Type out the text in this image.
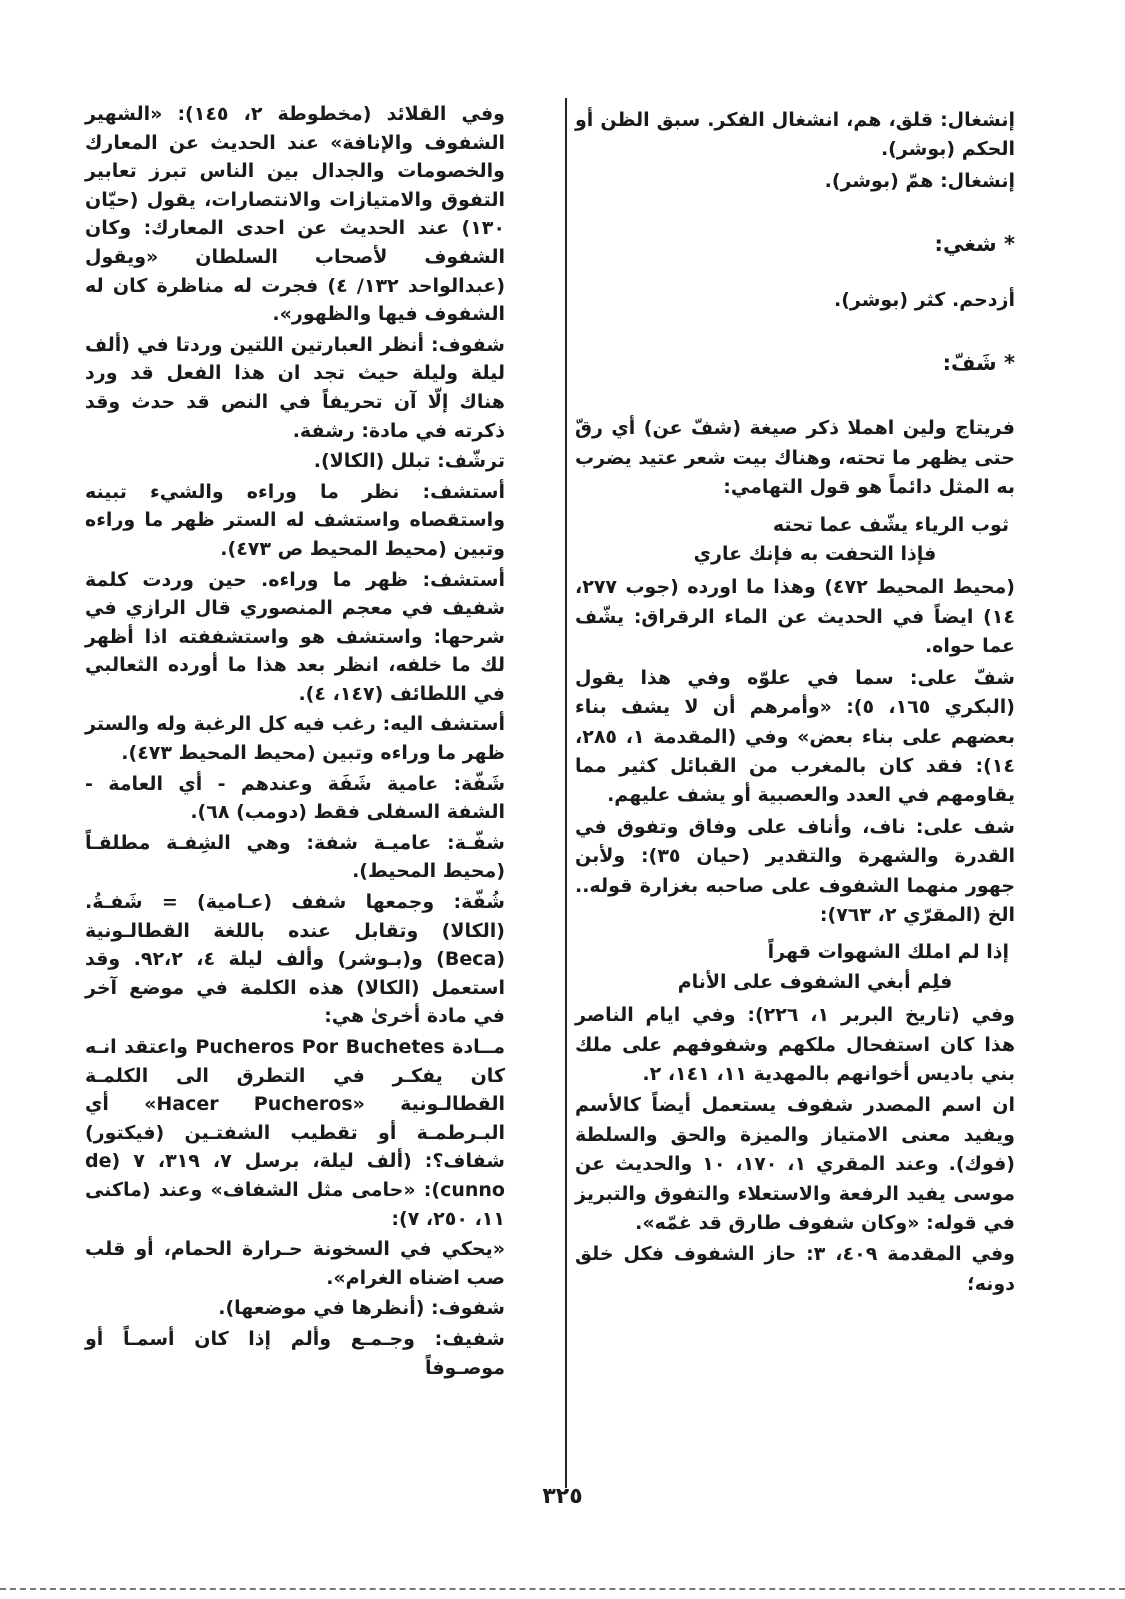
إنشغال: قلق، هم، انشغال الفكر. سبق الظن أو الحكم (بوشر).

إنشغال: همّ (بوشر).

* شغي:

أزدحم. كثر (بوشر).

* شَفّ:

فريتاج ولين اهملا ذكر صيغة (شفّ عن) أي رقّ حتى يظهر ما تحته، وهناك بيت شعر عتيد يضرب به المثل دائماً هو قول التهامي:

ثوب الرياء يشّف عما تحته
فإذا التحفت به فإنك عاري

(محيط المحيط ٤٧٢) وهذا ما اورده (جوب ٢٧٧، ١٤) ايضاً في الحديث عن الماء الرقراق: يشّف عما حواه.

شفّ على: سما في علوّه وفي هذا يقول (البكري ١٦٥، ٥): «وأمرهم أن لا يشف بناء بعضهم على بناء بعض» وفي (المقدمة ١، ٢٨٥، ١٤): فقد كان بالمغرب من القبائل كثير مما يقاومهم في العدد والعصبية أو يشف عليهم.

شف على: ناف، وأناف على وفاق وتفوق في القدرة والشهرة والتقدير (حيان ٣٥): ولأبن جهور منهما الشفوف على صاحبه بغزارة قوله.. الخ (المقرّي ٢، ٧٦٣):

إذا لم املك الشهوات قهراً
فلِم أبغي الشفوف على الأنام

وفي (تاريخ البربر ١، ٢٢٦): وفي ايام الناصر هذا كان استفحال ملكهم وشفوفهم على ملك بني باديس أخوانهم بالمهدية ١١، ١٤١، ٢.

ان اسم المصدر شفوف يستعمل أيضاً كالأسم ويفيد معنى الامتياز والميزة والحق والسلطة (فوك). وعند المقري ١، ١٧٠، ١٠ والحديث عن موسى يفيد الرفعة والاستعلاء والتفوق والتبريز في قوله: «وكان شفوف طارق قد غمّه».

وفي المقدمة ٤٠٩، ٣: حاز الشفوف فكل خلق دونه؛

وفي القلائد (مخطوطة ٢، ١٤٥): «الشهير الشفوف والإنافة» عند الحديث عن المعارك والخصومات والجدال بين الناس تبرز تعابير التفوق والامتيازات والانتصارات، يقول (حيّان ١٣٠) عند الحديث عن احدى المعارك: وكان الشفوف لأصحاب السلطان «ويقول (عبدالواحد ١٣٢/ ٤) فجرت له مناظرة كان له الشفوف فيها والظهور».

شفوف: أنظر العبارتين اللتين وردتا في (ألف ليلة وليلة حيث تجد ان هذا الفعل قد ورد هناك إلّا آن تحريفاً في النص قد حدث وقد ذكرته في مادة: رشفة.

ترشّف: تبلل (الكالا).

أستشف: نظر ما وراءه والشيء تبينه واستقصاه واستشف له الستر ظهر ما وراءه وتبين (محيط المحيط ص ٤٧٣).

أستشف: ظهر ما وراءه. حين وردت كلمة شفيف في معجم المنصوري قال الرازي في شرحها: واستشف هو واستشففته اذا أظهر لك ما خلفه، انظر بعد هذا ما أورده الثعالبي في اللطائف (١٤٧، ٤).

أستشف اليه: رغب فيه كل الرغبة وله والستر ظهر ما وراءه وتبين (محيط المحيط ٤٧٣).

شَفّة: عامية شَفَة وعندهم - أي العامة - الشفة السفلى فقط (دومب) ٦٨).

شفّـة: عاميـة شفة: وهي الشِفـة مطلقـاً (محيط المحيط).

شُفّة: وجمعها شفف (عـامية) = شَفـةُ. (الكالا) وتقابل عنده باللغة القطالـونية (Beca) و(بـوشر) وألف ليلة ٤، ٩٢،٢. وقد استعمل (الكالا) هذه الكلمة في موضع آخر في مادة أخرىٰ هي:

مــادة Pucheros Por Buchetes واعتقد انـه كان يفكـر في التطرق الى الكلمـة القطالـونية «Hacer Pucheros» أي البـرطمـة أو تقطيب الشفتـين (فيكتور) شفاف؟: (ألف ليلة، برسل ٧، ٣١٩، ٧ (de cunno): «حامى مثل الشفاف» وعند (ماكنى ١١، ٢٥٠، ٧):

«يحكي في السخونة حـرارة الحمام، أو قلب صب اضناه الغرام».

شفوف: (أنظرها في موضعها).

شفيف: وجـمـع وألم إذا كان أسمـاً أو موصـوفاً

٣٢٥
